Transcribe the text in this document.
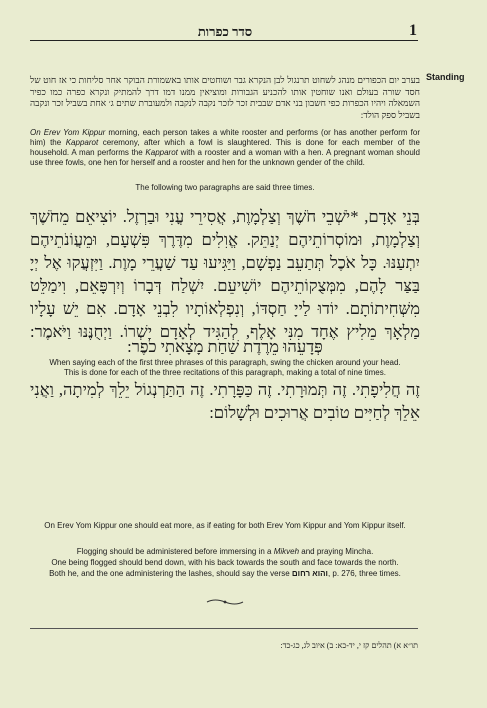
סדר כפרות	1
Standing
בערב יום הכפורים מנהג לשחוט תרנגול לבן הנקרא גבר ושוחטים אותו באשמורת הבוקר אחר סליחות כי אז חוט של חסד שורה בעולם ואנו שוחטין אותו להכניע הגבורות ומוציאין ממנו דמו דרך להמתיק ונקרא כפרה כמו כפיר השמאלה ויהיו הכפרות כפי חשבון בני אדם שבבית זכר לזכר נקבה לנקבה ולמעוברת שתים ג׳ אחת בשביל זכר ונקבה בשביל ספק הולד:
On Erev Yom Kippur morning, each person takes a white rooster and performs (or has another perform for him) the Kapparot ceremony, after which a fowl is slaughtered. This is done for each member of the household. A man performs the Kapparot with a rooster and a woman with a hen. A pregnant woman should use three fowls, one hen for herself and a rooster and hen for the unknown gender of the child.
The following two paragraphs are said three times.
בְּנֵי אָדָם, *יֹשְׁבֵי חֹשֶׁךְ וְצַלְמָוֶת, אֲסִירֵי עֳנִי וּבַרְזֶל. יוֹצִיאֵם מֵחֹשֶׁךְ וְצַלְמָוֶת, וּמוֹסְרוֹתֵיהֶם יְנַתֵּק. אֱוִלִים מִדֶּרֶךְ פִּשְׁעָם, וּמֵעֲוֹנֹתֵיהֶם יִתְעַנּוּ. כָּל אֹכֶל תְּתַעֵב נַפְשָׁם, וַיַּגִּיעוּ עַד שַׁעֲרֵי מָוֶת. וַיִּזְעֲקוּ אֶל יְיָ בַּצַּר לָהֶם, מִמְּצֻקוֹתֵיהֶם יוֹשִׁיעֵם. יִשְׁלַח דְּבָרוֹ וְיִרְפָּאֵם, וִימַלֵּט מִשְּׁחִיתוֹתָם. יוֹדוּ לַייָ חַסְדּוֹ, וְנִפְלְאוֹתָיו לִבְנֵי אָדָם. אִם יֵשׁ עָלָיו מַלְאָךְ מֵלִיץ אֶחָד מִנִּי אָלֶף, לְהַגִּיד לְאָדָם יָשְׁרוֹ. וַיְחֻנֶּנּוּ וַיֹּאמֶר:
פְּדָעֵהוּ מֵרֶדֶת שַׁחַת מָצָאתִי כֹפֶר:
When saying each of the first three phrases of this paragraph, swing the chicken around your head.
This is done for each of the three recitations of this paragraph, making a total of nine times.
זֶה חֲלִיפָתִי. זֶה תְּמוּרָתִי. זֶה כַּפָּרָתִי. זֶה הַתַּרְנְגוֹל יֵלֵךְ לְמִיתָה, וַאֲנִי אֵלֵךְ לְחַיִּים טוֹבִים אֲרוּכִים וּלְשָׁלוֹם:
On Erev Yom Kippur one should eat more, as if eating for both Erev Yom Kippur and Yom Kippur itself.
Flogging should be administered before immersing in a Mikveh and praying Mincha.
One being flogged should bend down, with his back towards the south and face towards the north.
Both he, and the one administering the lashes, should say the verse והוא רחום, p. 276, three times.
תו״א א) תהלים קז י, יד-כא: ב) איוב לג, כג-כד:
